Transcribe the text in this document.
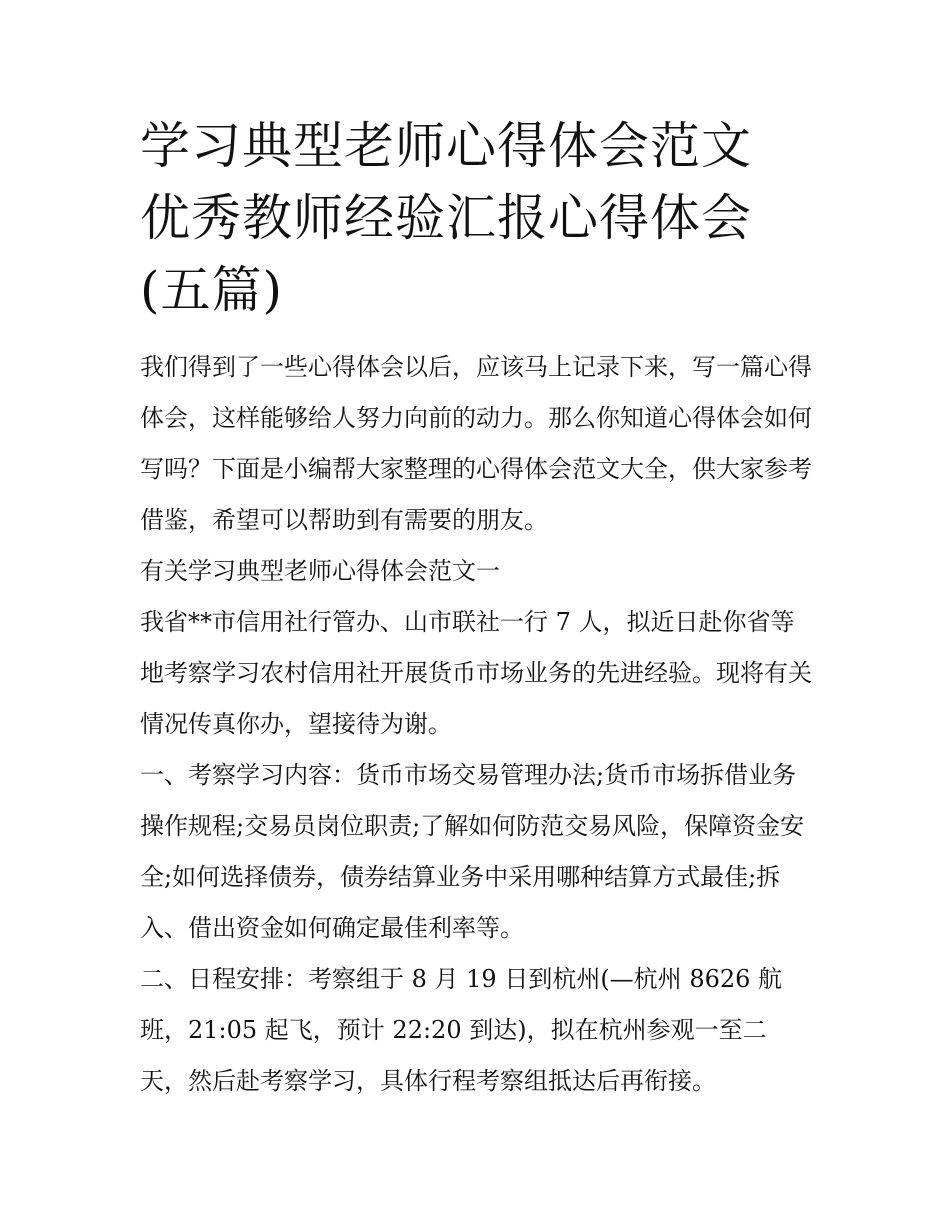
学习典型老师心得体会范文 优秀教师经验汇报心得体会(五篇)

我们得到了一些心得体会以后，应该马上记录下来，写一篇心得体会，这样能够给人努力向前的动力。那么你知道心得体会如何写吗？下面是小编帮大家整理的心得体会范文大全，供大家参考借鉴，希望可以帮助到有需要的朋友。

有关学习典型老师心得体会范文一

我省**市信用社行管办、山市联社一行 7 人，拟近日赴你省等地考察学习农村信用社开展货币市场业务的先进经验。现将有关情况传真你办，望接待为谢。

一、考察学习内容：货币市场交易管理办法;货币市场拆借业务操作规程;交易员岗位职责;了解如何防范交易风险，保障资金安全;如何选择债券，债券结算业务中采用哪种结算方式最佳;拆入、借出资金如何确定最佳利率等。

二、日程安排：考察组于 8 月 19 日到杭州(—杭州 8626 航班，21:05 起飞，预计 22:20 到达)，拟在杭州参观一至二天，然后赴考察学习，具体行程考察组抵达后再衔接。
